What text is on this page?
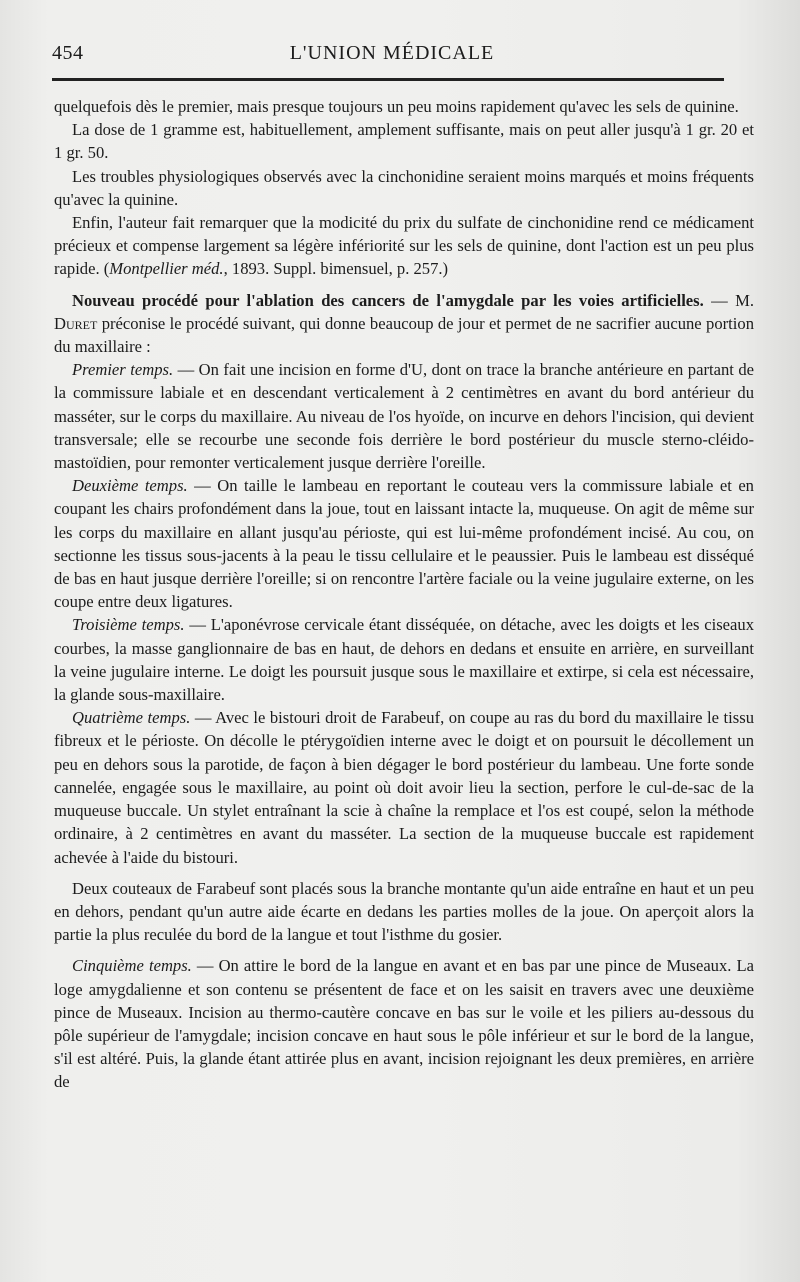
454	L'UNION MÉDICALE

quelquefois dès le premier, mais presque toujours un peu moins rapidement qu'avec les sels de quinine.

La dose de 1 gramme est, habituellement, amplement suffisante, mais on peut aller jusqu'à 1 gr. 20 et 1 gr. 50.

Les troubles physiologiques observés avec la cinchonidine seraient moins marqués et moins fréquents qu'avec la quinine.

Enfin, l'auteur fait remarquer que la modicité du prix du sulfate de cinchonidine rend ce médicament précieux et compense largement sa légère infériorité sur les sels de quinine, dont l'action est un peu plus rapide. (Montpellier méd., 1893. Suppl. bimensuel, p. 257.)

Nouveau procédé pour l'ablation des cancers de l'amygdale par les voies artificielles. — M. Duret préconise le procédé suivant, qui donne beaucoup de jour et permet de ne sacrifier aucune portion du maxillaire :

Premier temps. — On fait une incision en forme d'U, dont on trace la branche antérieure en partant de la commissure labiale et en descendant verticalement à 2 centimètres en avant du bord antérieur du masséter, sur le corps du maxillaire. Au niveau de l'os hyoïde, on incurve en dehors l'incision, qui devient transversale; elle se recourbe une seconde fois derrière le bord postérieur du muscle sterno-cléido-mastoïdien, pour remonter verticalement jusque derrière l'oreille.

Deuxième temps. — On taille le lambeau en reportant le couteau vers la commissure labiale et en coupant les chairs profondément dans la joue, tout en laissant intacte la, muqueuse. On agit de même sur les corps du maxillaire en allant jusqu'au périoste, qui est lui-même profondément incisé. Au cou, on sectionne les tissus sous-jacents à la peau le tissu cellulaire et le peaussier. Puis le lambeau est disséqué de bas en haut jusque derrière l'oreille; si on rencontre l'artère faciale ou la veine jugulaire externe, on les coupe entre deux ligatures.

Troisième temps. — L'aponévrose cervicale étant disséquée, on détache, avec les doigts et les ciseaux courbes, la masse ganglionnaire de bas en haut, de dehors en dedans et ensuite en arrière, en surveillant la veine jugulaire interne. Le doigt les poursuit jusque sous le maxillaire et extirpe, si cela est nécessaire, la glande sous-maxillaire.

Quatrième temps. — Avec le bistouri droit de Farabeuf, on coupe au ras du bord du maxillaire le tissu fibreux et le périoste. On décolle le ptérygoïdien interne avec le doigt et on poursuit le décollement un peu en dehors sous la parotide, de façon à bien dégager le bord postérieur du lambeau. Une forte sonde cannelée, engagée sous le maxillaire, au point où doit avoir lieu la section, perfore le cul-de-sac de la muqueuse buccale. Un stylet entraînant la scie à chaîne la remplace et l'os est coupé, selon la méthode ordinaire, à 2 centimètres en avant du masséter. La section de la muqueuse buccale est rapidement achevée à l'aide du bistouri.

Deux couteaux de Farabeuf sont placés sous la branche montante qu'un aide entraîne en haut et un peu en dehors, pendant qu'un autre aide écarte en dedans les parties molles de la joue. On aperçoit alors la partie la plus reculée du bord de la langue et tout l'isthme du gosier.

Cinquième temps. — On attire le bord de la langue en avant et en bas par une pince de Museaux. La loge amygdalienne et son contenu se présentent de face et on les saisit en travers avec une deuxième pince de Museaux. Incision au thermo-cautère concave en bas sur le voile et les piliers au-dessous du pôle supérieur de l'amygdale; incision concave en haut sous le pôle inférieur et sur le bord de la langue, s'il est altéré. Puis, la glande étant attirée plus en avant, incision rejoignant les deux premières, en arrière de
